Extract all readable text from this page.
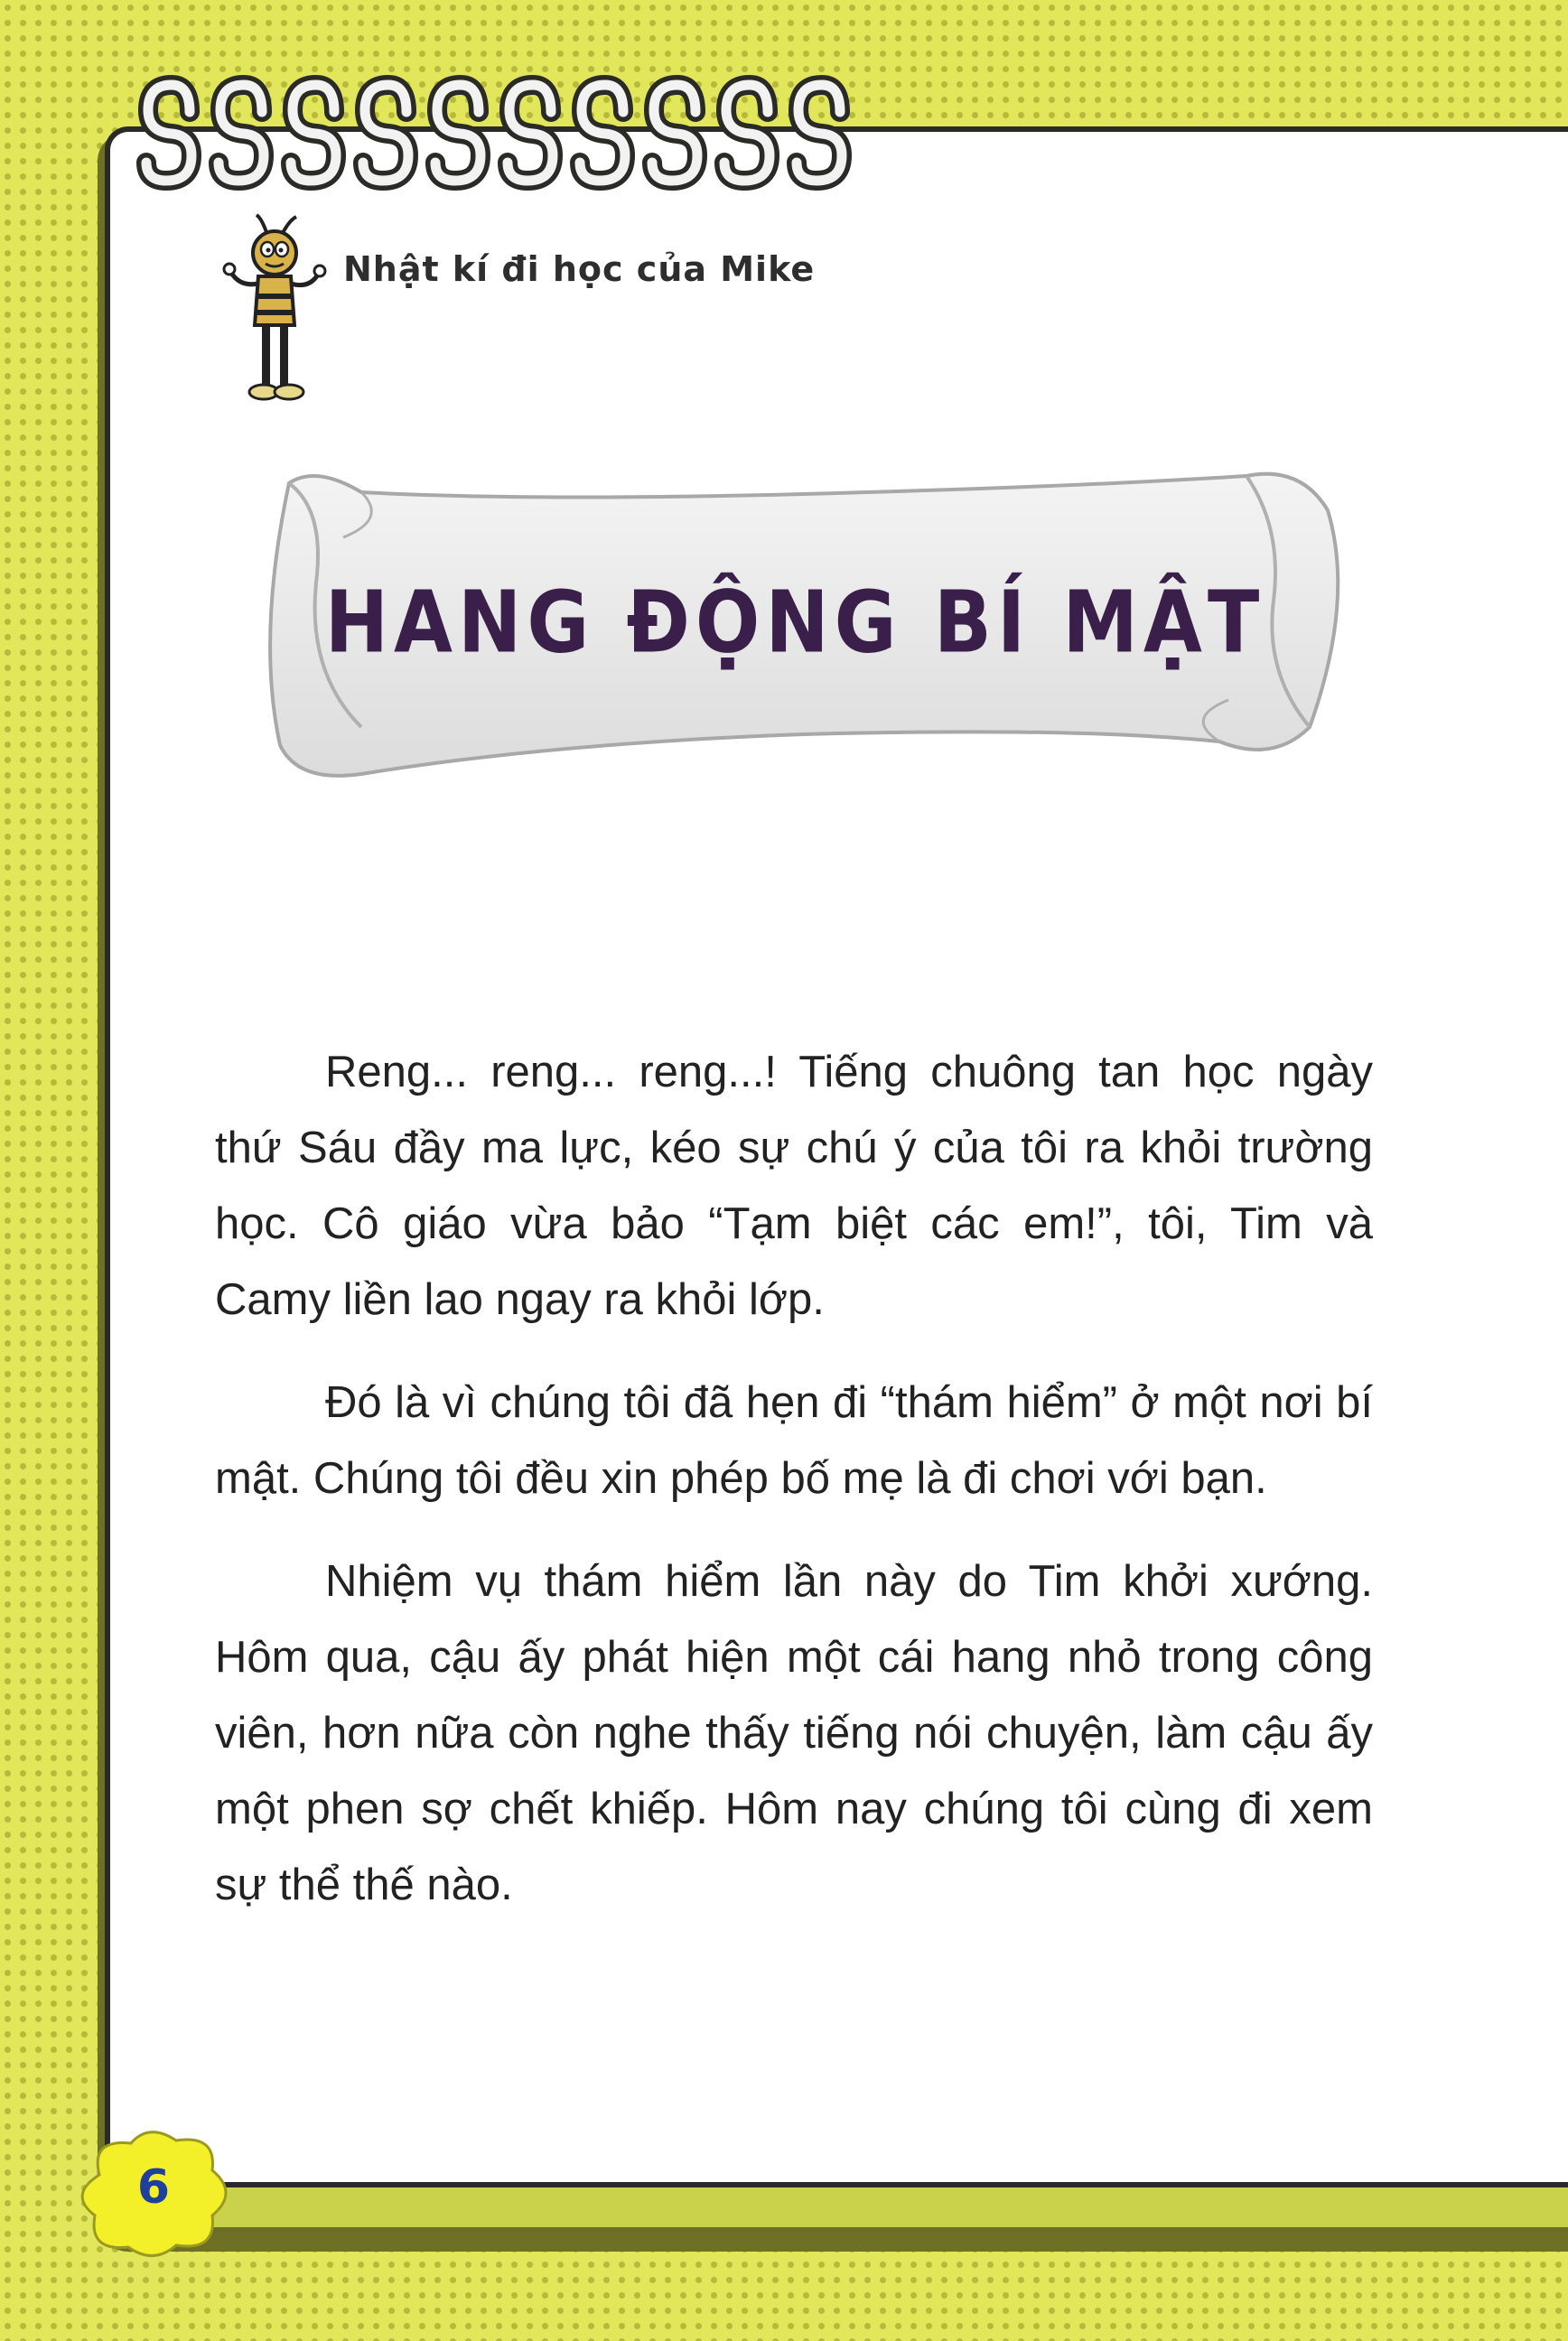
Nhật kí đi học của Mike
HANG ĐỘNG BÍ MẬT

Reng... reng... reng...! Tiếng chuông tan học ngày thứ Sáu đầy ma lực, kéo sự chú ý của tôi ra khỏi trường học. Cô giáo vừa bảo “Tạm biệt các em!”, tôi, Tim và Camy liền lao ngay ra khỏi lớp.

Đó là vì chúng tôi đã hẹn đi “thám hiểm” ở một nơi bí mật. Chúng tôi đều xin phép bố mẹ là đi chơi với bạn.

Nhiệm vụ thám hiểm lần này do Tim khởi xướng. Hôm qua, cậu ấy phát hiện một cái hang nhỏ trong công viên, hơn nữa còn nghe thấy tiếng nói chuyện, làm cậu ấy một phen sợ chết khiếp. Hôm nay chúng tôi cùng đi xem sự thể thế nào.

6
